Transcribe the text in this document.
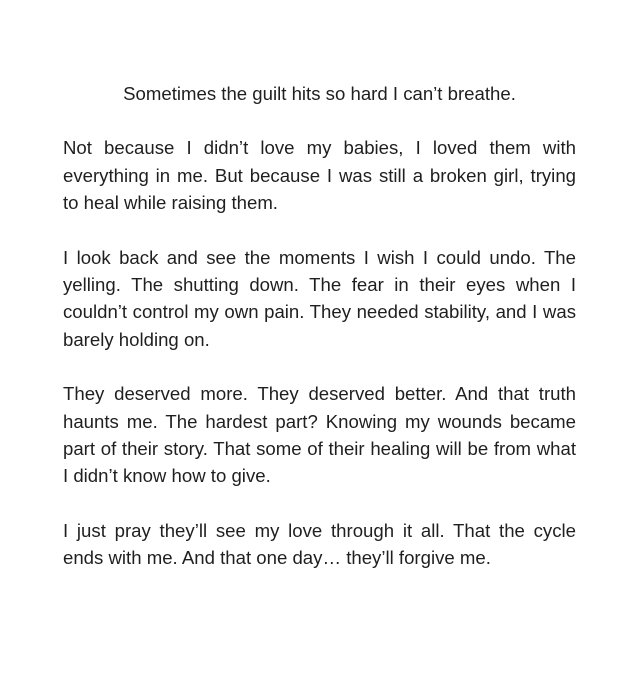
Sometimes the guilt hits so hard I can’t breathe.

Not because I didn’t love my babies, I loved them with everything in me. But because I was still a broken girl, trying to heal while raising them.

I look back and see the moments I wish I could undo. The yelling. The shutting down. The fear in their eyes when I couldn’t control my own pain. They needed stability, and I was barely holding on.

They deserved more. They deserved better. And that truth haunts me. The hardest part? Knowing my wounds became part of their story. That some of their healing will be from what I didn’t know how to give.

I just pray they’ll see my love through it all. That the cycle ends with me. And that one day… they’ll forgive me.
